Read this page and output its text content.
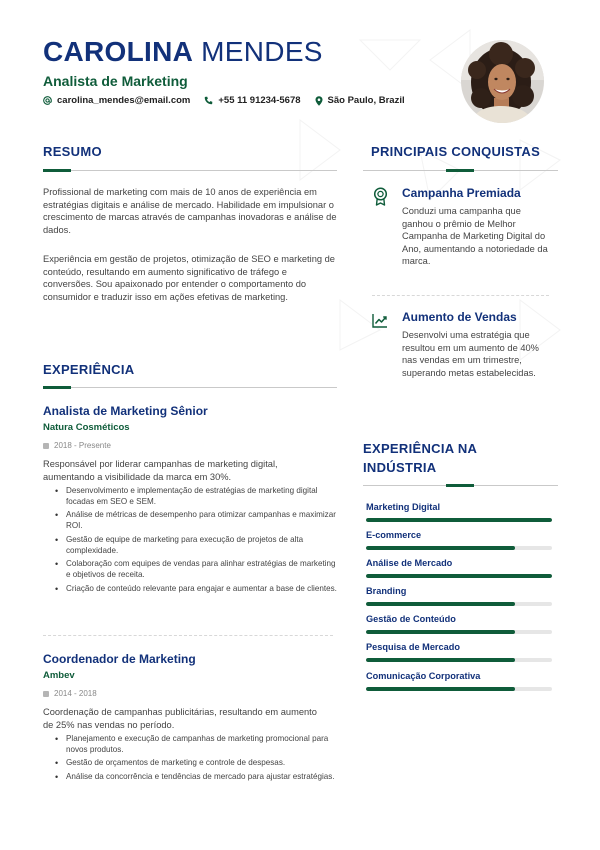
CAROLINA MENDES
Analista de Marketing
carolina_mendes@email.com	+55 11 91234-5678	São Paulo, Brazil
RESUMO
Profissional de marketing com mais de 10 anos de experiência em estratégias digitais e análise de mercado. Habilidade em impulsionar o crescimento de marcas através de campanhas inovadoras e análise de dados.
Experiência em gestão de projetos, otimização de SEO e marketing de conteúdo, resultando em aumento significativo de tráfego e conversões. Sou apaixonado por entender o comportamento do consumidor e traduzir isso em ações efetivas de marketing.
EXPERIÊNCIA
Analista de Marketing Sênior
Natura Cosméticos
2018 - Presente
Responsável por liderar campanhas de marketing digital, aumentando a visibilidade da marca em 30%.
• Desenvolvimento e implementação de estratégias de marketing digital focadas em SEO e SEM.
• Análise de métricas de desempenho para otimizar campanhas e maximizar ROI.
• Gestão de equipe de marketing para execução de projetos de alta complexidade.
• Colaboração com equipes de vendas para alinhar estratégias de marketing e objetivos de receita.
• Criação de conteúdo relevante para engajar e aumentar a base de clientes.
Coordenador de Marketing
Ambev
2014 - 2018
Coordenação de campanhas publicitárias, resultando em aumento de 25% nas vendas no período.
• Planejamento e execução de campanhas de marketing promocional para novos produtos.
• Gestão de orçamentos de marketing e controle de despesas.
• Análise da concorrência e tendências de mercado para ajustar estratégias.
PRINCIPAIS CONQUISTAS
Campanha Premiada
Conduzi uma campanha que ganhou o prêmio de Melhor Campanha de Marketing Digital do Ano, aumentando a notoriedade da marca.
Aumento de Vendas
Desenvolvi uma estratégia que resultou em um aumento de 40% nas vendas em um trimestre, superando metas estabelecidas.
EXPERIÊNCIA NA
INDÚSTRIA
Marketing Digital
E-commerce
Análise de Mercado
Branding
Gestão de Conteúdo
Pesquisa de Mercado
Comunicação Corporativa
